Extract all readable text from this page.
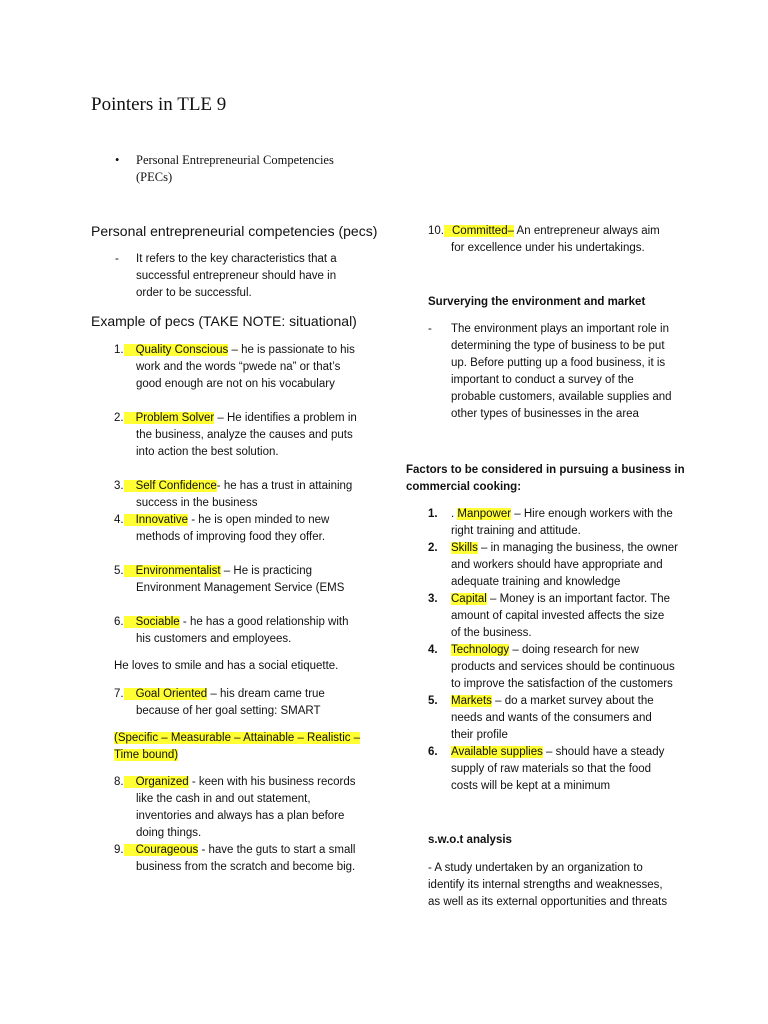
Pointers in TLE 9
• Personal Entrepreneurial Competencies
(PECs)
Personal entrepreneurial competencies (pecs)
- It refers to the key characteristics that a
successful entrepreneur should have in
order to be successful.
Example of pecs (TAKE NOTE: situational)
1. Quality Conscious – he is passionate to his
work and the words “pwede na” or that’s
good enough are not on his vocabulary
2. Problem Solver – He identifies a problem in
the business, analyze the causes and puts
into action the best solution.
3. Self Confidence- he has a trust in attaining
success in the business
4. Innovative - he is open minded to new
methods of improving food they offer.
5. Environmentalist – He is practicing
Environment Management Service (EMS
6. Sociable - he has a good relationship with
his customers and employees.
He loves to smile and has a social etiquette.
7. Goal Oriented – his dream came true
because of her goal setting: SMART
(Specific – Measurable – Attainable – Realistic –
Time bound)
8. Organized - keen with his business records
like the cash in and out statement,
inventories and always has a plan before
doing things.
9. Courageous - have the guts to start a small
business from the scratch and become big.
10. Committed– An entrepreneur always aim
for excellence under his undertakings.
Surverying the environment and market
- The environment plays an important role in
determining the type of business to be put
up. Before putting up a food business, it is
important to conduct a survey of the
probable customers, available supplies and
other types of businesses in the area
Factors to be considered in pursuing a business in
commercial cooking:
1. . Manpower – Hire enough workers with the
right training and attitude.
2. Skills – in managing the business, the owner
and workers should have appropriate and
adequate training and knowledge
3. Capital – Money is an important factor. The
amount of capital invested affects the size
of the business.
4. Technology – doing research for new
products and services should be continuous
to improve the satisfaction of the customers
5. Markets – do a market survey about the
needs and wants of the consumers and
their profile
6. Available supplies – should have a steady
supply of raw materials so that the food
costs will be kept at a minimum
s.w.o.t analysis
- A study undertaken by an organization to
identify its internal strengths and weaknesses,
as well as its external opportunities and threats
